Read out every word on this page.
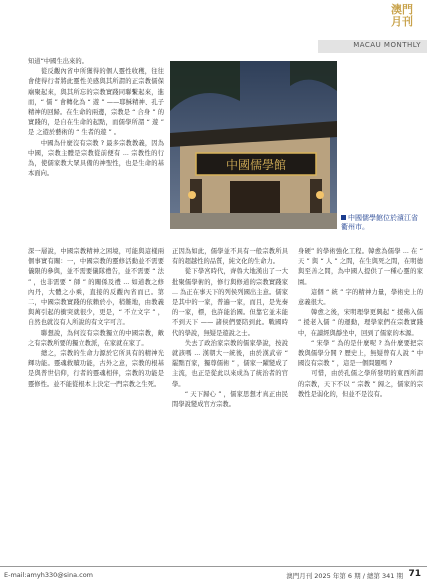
澳門
月刊
MACAU MONTHLY
中國儒學館
中國儒學館位於濱江省衢州市。
知道“中國生出來的。
　　從反觀內省中所獲得的個人靈性收穫，往往會使得行者將此靈性美感與其所謂的正宗教儒保廟聚起來，與其所忘的宗教實踐同聯繫起來，進而，“ 儒 ” 會轉化為 “ 遊 ” ——耶穌精神、孔子精神的回歸。在生命的兩邊，宗教是 “ 合身 ” 的實踐的，是自在生命的起點，而儒學所謂 “ 遊 ” 是 之遊於藝術的 “ 生者的遊 ” 。
　　中國為什麼沒有宗教 ? 最多宗教教義，因為中國，宗教主體是宗教從前便有 ... 宗教性的行為，使儒家教大眾具備的神聖性，也是生命的基本面向。
深一層說，中國宗教精神之困境，可能與這樣兩個事實有關：一，中國宗教的靈修活動並不需要儀限的參與，並不需要儀隊禮告，並不需要 “ 法 ” ，也非需要 “ 師 ” 的關係及禮 ... 如道教之修內丹，大體之小乘，直接的反觀內省而已。第二，中國宗教實踐的依賴於小，稍難地，由教義與萬引起的衝突就很少，更是，“ 不立文字 ” ，自然也就沒有人所說的有文字可言。
　　聯想說，為何沒有宗教獨立的中國宗教，敵之有宗教所要的獨立教派，在家就在家了。
　　總之，宗教的生命力源於它所具有的精神光輝功能。靈魂救贖功能，古外之意，宗教的根基是與普世信仰，行者的靈魂相伴，宗教的功能是靈修性。並不能從根本上決定一門宗教之生死。
正因為如此，儒學並不具有一般宗教所具有的超越性的品質，純文化的生命力。
　　從下學宮時代，齊魯大地漢出了一大批聚儒學術的，修行與修道的宗教實踐家 ... 為正在事天下的列侯列國出主意。儒家是其中的一家，普遍一家，而且，是先秦的一家，標，也許能治國。但靠它並未能不到天下 —— 諸侯們要陪到此。戰國時代的學說，無疑是遊說之士。
　　失去了政治家宗教的儒家學說，按說就該嗎 ... 漢朝大一統後，由於漢武帝 “ 罷黜百家，獨尊儒術 ” ，儒家一躍變成了主流，也正是從此以來成為了統治者的官學。
　　“ 天下歸心 ” ，儒家思想才真正由民間學說變成官方宗教。
身硬” 的學術強化工程。韓愈為儒學 ... 在 “ 天 ” 與 “ 人 ” 之間，在生與死之間，在明德與至善之間，為中國人提供了一種心靈的家園。
　　這個 “ 統 ” 字的精神力量，學術史上的意義很大。
　　韓愈之後，宋明理學更興起 “ 援佛入儒 ” 援老入儒 ” 的運動，理學家們在宗教實踐中，在讀經與靜坐中，回到了儒家的本源。
　　“ 宋學 ” 為的是什麼呢 ? 為什麼要把宗教與儒學分開 ? 歷史上，無疑曾有人說 “ 中國沒有宗教 ” ，這是一個問題嗎 ?
　　可惜，由於孔儒之學所發明的東西所謂的宗教，天下不以 “ 宗教 ” 歸之，儒家的宗教性是弱化的，但並不是沒有。
E-mail:amyh330@sina.com	澳門月刊 2025 年第 6 期 / 總第 341 期 71
